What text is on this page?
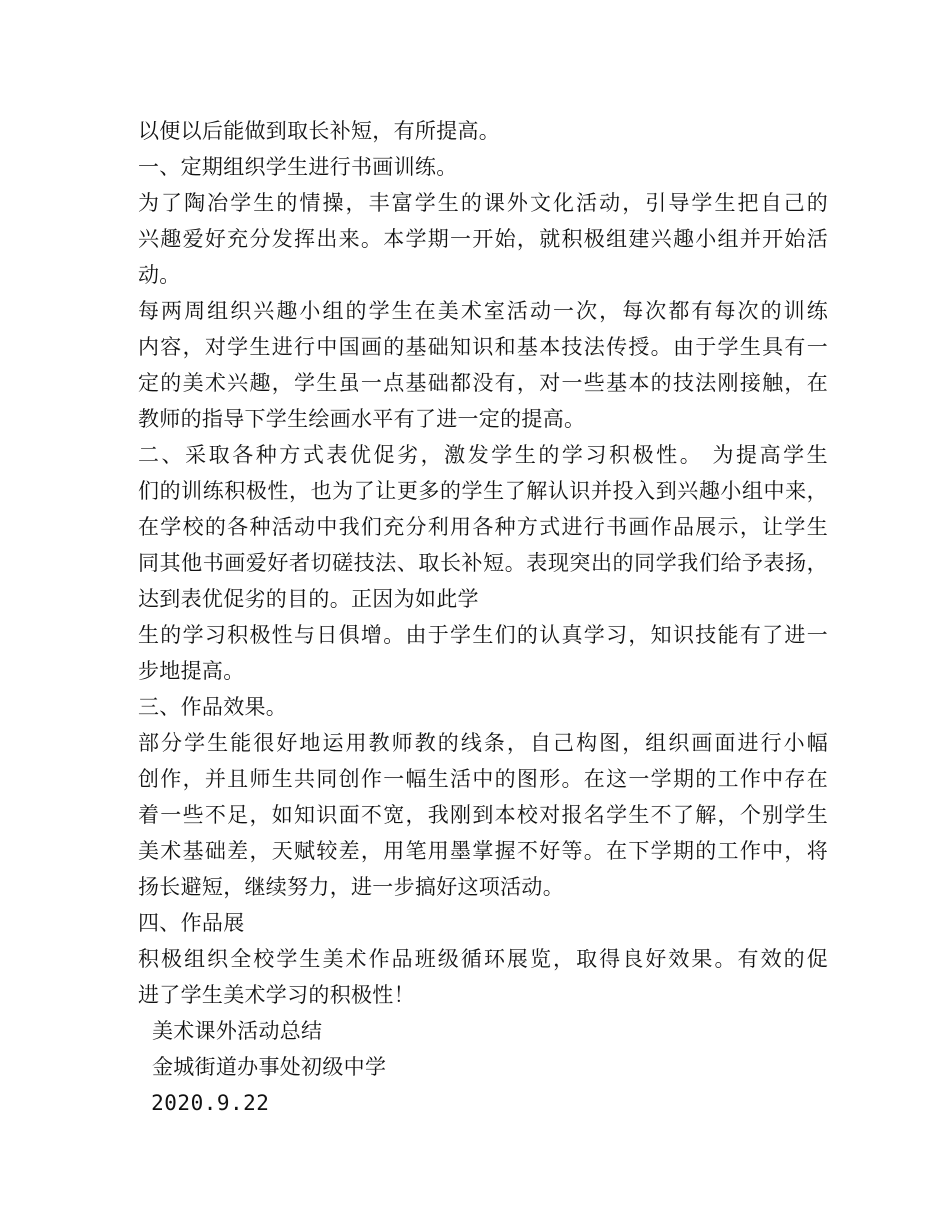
以便以后能做到取长补短，有所提高。
一、定期组织学生进行书画训练。
为了陶冶学生的情操，丰富学生的课外文化活动，引导学生把自己的
兴趣爱好充分发挥出来。本学期一开始，就积极组建兴趣小组并开始活
动。
每两周组织兴趣小组的学生在美术室活动一次，每次都有每次的训练
内容，对学生进行中国画的基础知识和基本技法传授。由于学生具有一
定的美术兴趣，学生虽一点基础都没有，对一些基本的技法刚接触，在
教师的指导下学生绘画水平有了进一定的提高。
二、采取各种方式表优促劣，激发学生的学习积极性。 为提高学生
们的训练积极性，也为了让更多的学生了解认识并投入到兴趣小组中来，
在学校的各种活动中我们充分利用各种方式进行书画作品展示，让学生
同其他书画爱好者切磋技法、取长补短。表现突出的同学我们给予表扬，
达到表优促劣的目的。正因为如此学
生的学习积极性与日俱增。由于学生们的认真学习，知识技能有了进一
步地提高。
三、作品效果。
部分学生能很好地运用教师教的线条，自己构图，组织画面进行小幅
创作，并且师生共同创作一幅生活中的图形。在这一学期的工作中存在
着一些不足，如知识面不宽，我刚到本校对报名学生不了解，个别学生
美术基础差，天赋较差，用笔用墨掌握不好等。在下学期的工作中，将
扬长避短，继续努力，进一步搞好这项活动。
四、作品展
积极组织全校学生美术作品班级循环展览，取得良好效果。有效的促
进了学生美术学习的积极性！
美术课外活动总结
金城街道办事处初级中学
2020.9.22
